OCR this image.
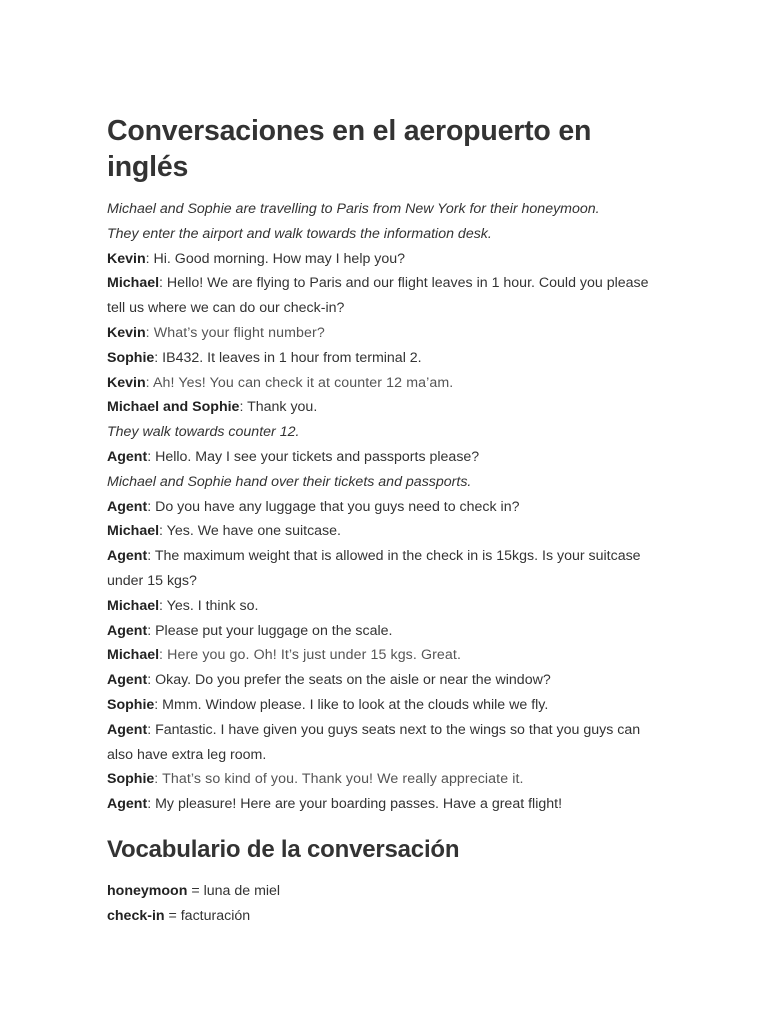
Conversaciones en el aeropuerto en inglés

Michael and Sophie are travelling to Paris from New York for their honeymoon.

They enter the airport and walk towards the information desk.

Kevin: Hi. Good morning. How may I help you?

Michael: Hello! We are flying to Paris and our flight leaves in 1 hour. Could you please tell us where we can do our check-in?

Kevin: What’s your flight number?

Sophie: IB432. It leaves in 1 hour from terminal 2.

Kevin: Ah! Yes! You can check it at counter 12 ma’am.

Michael and Sophie: Thank you.

They walk towards counter 12.

Agent: Hello. May I see your tickets and passports please?

Michael and Sophie hand over their tickets and passports.

Agent: Do you have any luggage that you guys need to check in?

Michael: Yes. We have one suitcase.

Agent: The maximum weight that is allowed in the check in is 15kgs. Is your suitcase under 15 kgs?

Michael: Yes. I think so.

Agent: Please put your luggage on the scale.

Michael: Here you go. Oh! It’s just under 15 kgs. Great.

Agent: Okay. Do you prefer the seats on the aisle or near the window?

Sophie: Mmm. Window please. I like to look at the clouds while we fly.

Agent: Fantastic. I have given you guys seats next to the wings so that you guys can also have extra leg room.

Sophie: That’s so kind of you. Thank you! We really appreciate it.

Agent: My pleasure! Here are your boarding passes. Have a great flight!

Vocabulario de la conversación

honeymoon = luna de miel

check-in = facturación
